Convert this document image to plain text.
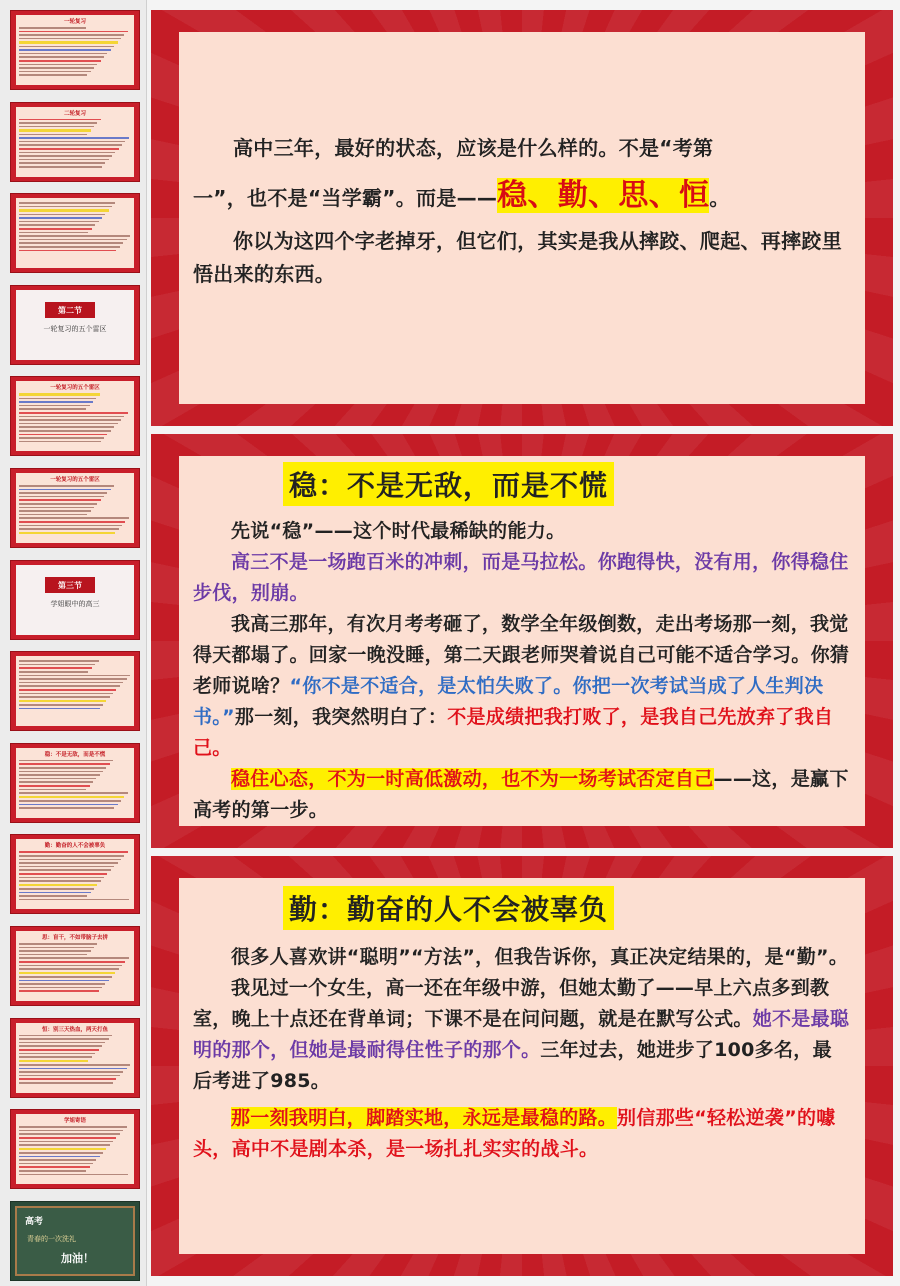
一轮复习
二轮复习
第二节
一轮复习的五个雷区
一轮复习的五个雷区
一轮复习的五个雷区
第三节
学姐眼中的高三
稳：不是无敌，而是不慌
勤：勤奋的人不会被辜负
思：盲干，不如带脑子去拼
恒：别三天热血，两天打鱼
学姐寄语
高考
青春的一次洗礼
加油！

高中三年，最好的状态，应该是什么样的。不是“考第

一”，也不是“当学霸”。而是——稳、勤、思、恒。

你以为这四个字老掉牙，但它们，其实是我从摔跤、爬起、再摔跤里悟出来的东西。

稳：不是无敌，而是不慌

先说“稳”——这个时代最稀缺的能力。

高三不是一场跑百米的冲刺，而是马拉松。你跑得快，没有用，你得稳住步伐，别崩。

我高三那年，有次月考考砸了，数学全年级倒数，走出考场那一刻，我觉得天都塌了。回家一晚没睡，第二天跟老师哭着说自己可能不适合学习。你猜老师说啥？“你不是不适合，是太怕失败了。你把一次考试当成了人生判决书。”那一刻，我突然明白了：不是成绩把我打败了，是我自己先放弃了我自己。

稳住心态，不为一时高低激动，也不为一场考试否定自己——这，是赢下高考的第一步。

勤：勤奋的人不会被辜负

很多人喜欢讲“聪明”“方法”，但我告诉你，真正决定结果的，是“勤”。

我见过一个女生，高一还在年级中游，但她太勤了——早上六点多到教室，晚上十点还在背单词；下课不是在问问题，就是在默写公式。她不是最聪明的那个，但她是最耐得住性子的那个。三年过去，她进步了100多名，最后考进了985。

那一刻我明白，脚踏实地，永远是最稳的路。别信那些“轻松逆袭”的噱头，高中不是剧本杀，是一场扎扎实实的战斗。
